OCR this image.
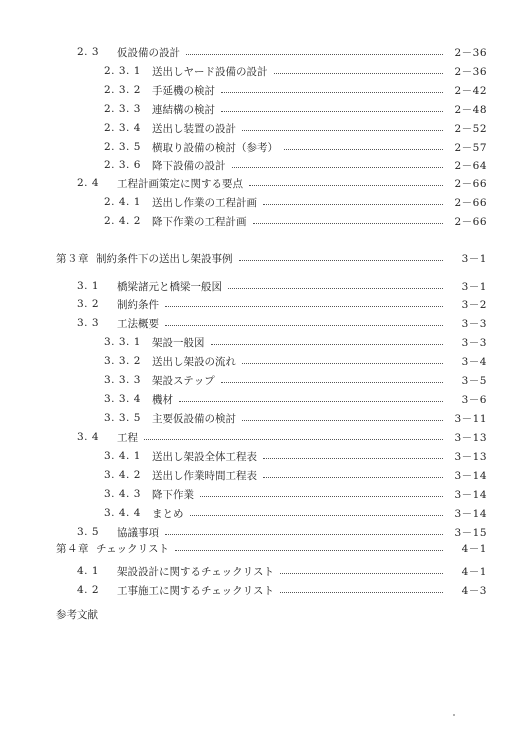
2. 3	仮設備の設計	2－36
2. 3. 1	送出しヤード設備の設計	2－36
2. 3. 2	手延機の検討	2－42
2. 3. 3	連結構の検討	2－48
2. 3. 4	送出し装置の設計	2－52
2. 3. 5	横取り設備の検討（参考）	2－57
2. 3. 6	降下設備の設計	2－64
2. 4	工程計画策定に関する要点	2－66
2. 4. 1	送出し作業の工程計画	2－66
2. 4. 2	降下作業の工程計画	2－66
第３章 制約条件下の送出し架設事例	3－1
3. 1	橋梁諸元と橋梁一般図	3－1
3. 2	制約条件	3－2
3. 3	工法概要	3－3
3. 3. 1	架設一般図	3－3
3. 3. 2	送出し架設の流れ	3－4
3. 3. 3	架設ステップ	3－5
3. 3. 4	機材	3－6
3. 3. 5	主要仮設備の検討	3－11
3. 4	工程	3－13
3. 4. 1	送出し架設全体工程表	3－13
3. 4. 2	送出し作業時間工程表	3－14
3. 4. 3	降下作業	3－14
3. 4. 4	まとめ	3－14
3. 5	協議事項	3－15
第４章 チェックリスト	4－1
4. 1	架設設計に関するチェックリスト	4－1
4. 2	工事施工に関するチェックリスト	4－3
参考文献
